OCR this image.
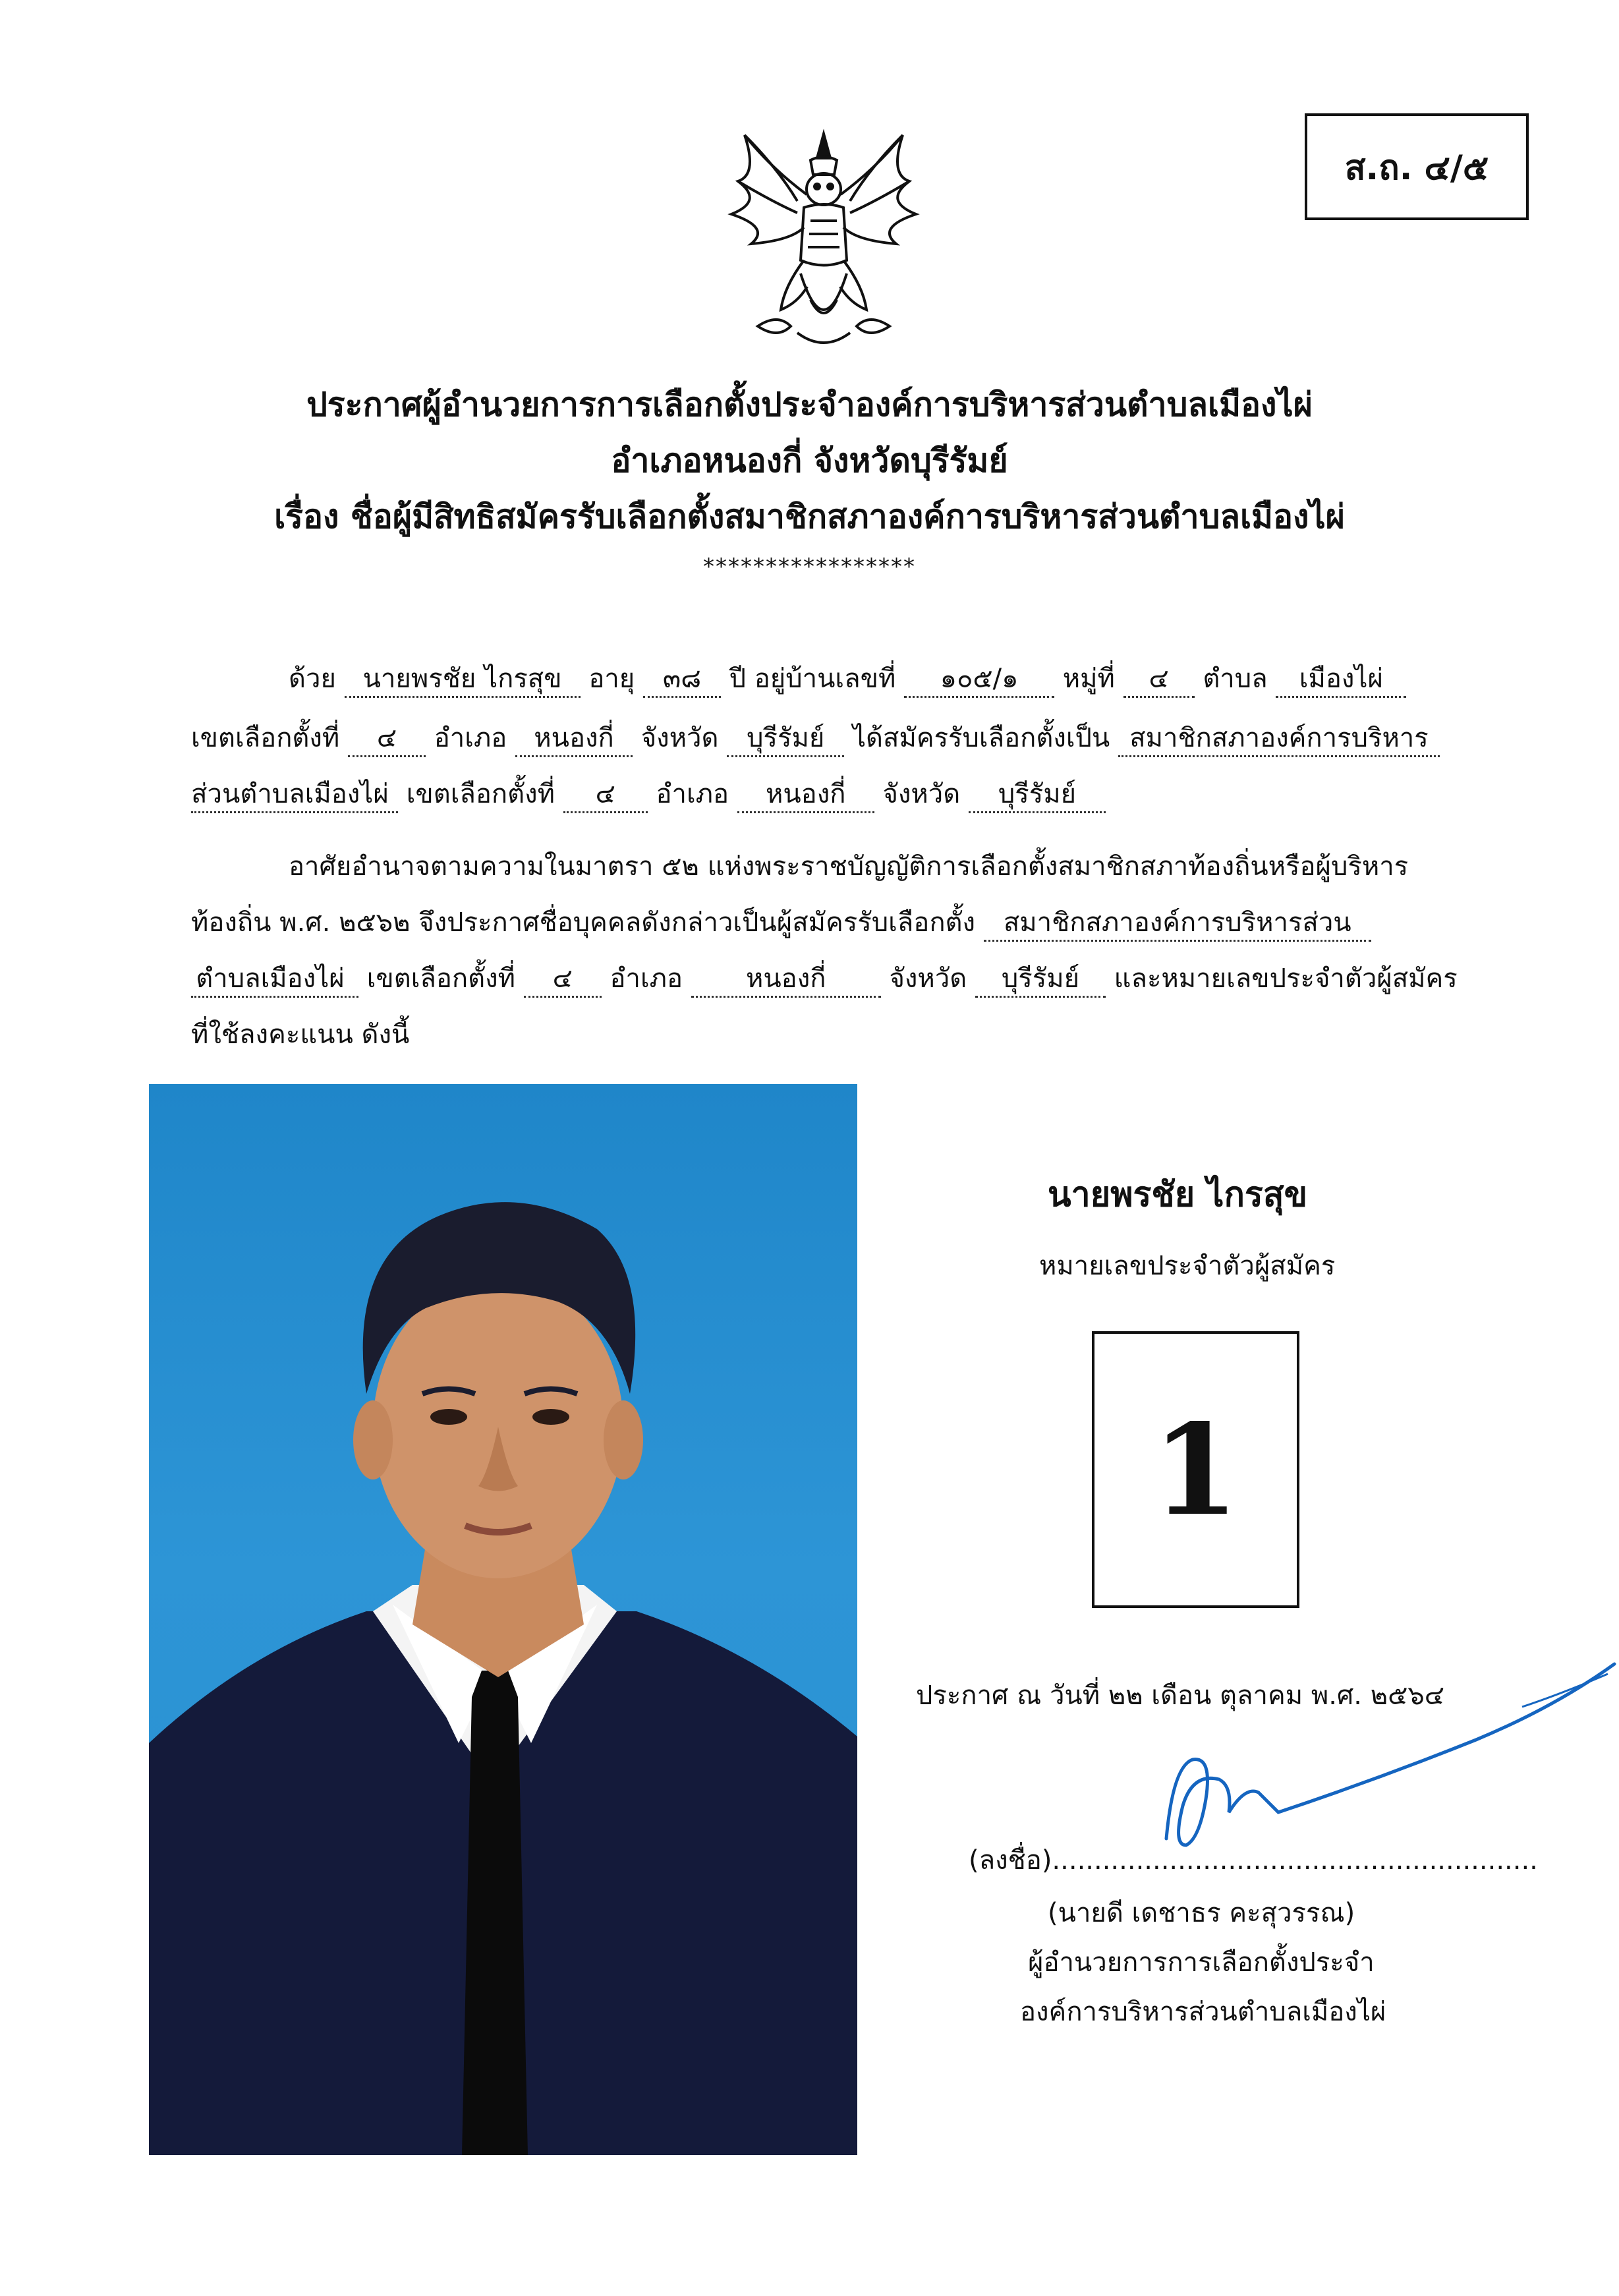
ส.ถ. ๔/๕
ประกาศผู้อำนวยการการเลือกตั้งประจำองค์การบริหารส่วนตำบลเมืองไผ่
อำเภอหนองกี่ จังหวัดบุรีรัมย์
เรื่อง ชื่อผู้มีสิทธิสมัครรับเลือกตั้งสมาชิกสภาองค์การบริหารส่วนตำบลเมืองไผ่
*****************
ด้วย นายพรชัย ไกรสุข อายุ ๓๘ ปี อยู่บ้านเลขที่ ๑๐๕/๑ หมู่ที่ ๔ ตำบล เมืองไผ่
เขตเลือกตั้งที่ ๔ อำเภอ หนองกี่ จังหวัด บุรีรัมย์ ได้สมัครรับเลือกตั้งเป็น สมาชิกสภาองค์การบริหาร
ส่วนตำบลเมืองไผ่ เขตเลือกตั้งที่ ๔ อำเภอ หนองกี่ จังหวัด บุรีรัมย์
อาศัยอำนาจตามความในมาตรา ๕๒ แห่งพระราชบัญญัติการเลือกตั้งสมาชิกสภาท้องถิ่นหรือผู้บริหาร
ท้องถิ่น พ.ศ. ๒๕๖๒ จึงประกาศชื่อบุคคลดังกล่าวเป็นผู้สมัครรับเลือกตั้ง สมาชิกสภาองค์การบริหารส่วน
ตำบลเมืองไผ่ เขตเลือกตั้งที่ ๔ อำเภอ หนองกี่ จังหวัด บุรีรัมย์ และหมายเลขประจำตัวผู้สมัคร
ที่ใช้ลงคะแนน ดังนี้
นายพรชัย ไกรสุข
หมายเลขประจำตัวผู้สมัคร
1
ประกาศ ณ วันที่ ๒๒ เดือน ตุลาคม พ.ศ. ๒๕๖๔
(ลงชื่อ)..........................................................
(นายดี เดชาธร คะสุวรรณ)
ผู้อำนวยการการเลือกตั้งประจำ
องค์การบริหารส่วนตำบลเมืองไผ่
